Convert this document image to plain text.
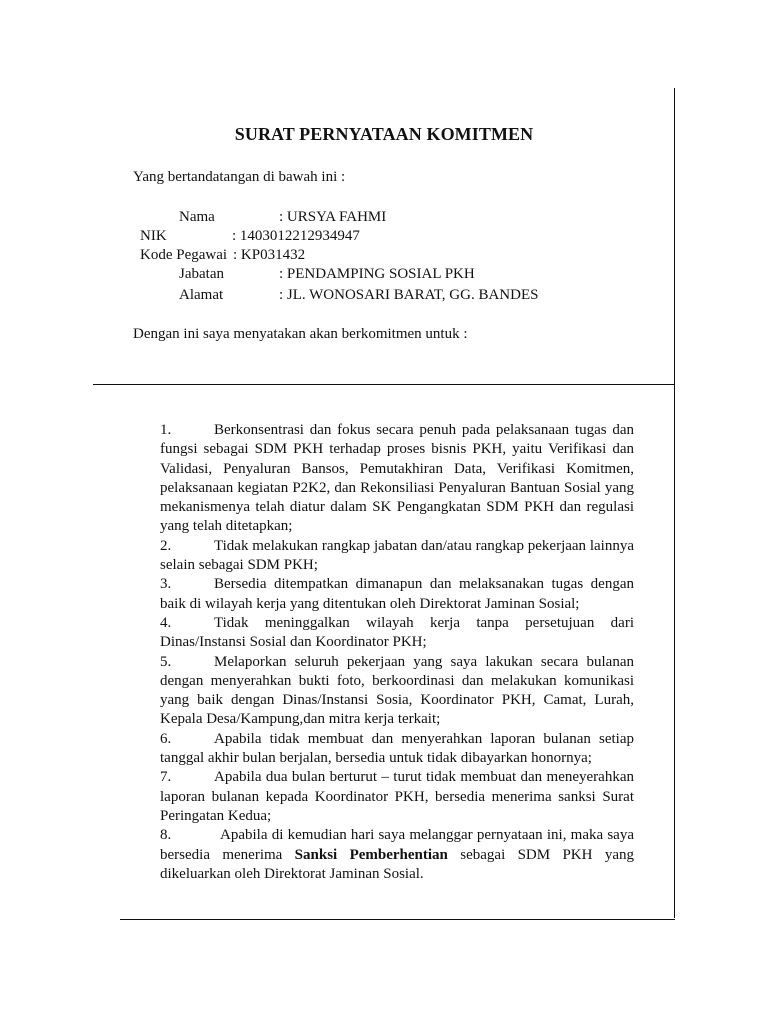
SURAT PERNYATAAN KOMITMEN
Yang bertandatangan di bawah ini :
Nama	: URSYA FAHMI
NIK	: 1403012212934947
Kode Pegawai : KP031432
Jabatan	: PENDAMPING SOSIAL PKH
Alamat	: JL. WONOSARI BARAT, GG. BANDES
Dengan ini saya menyatakan akan berkomitmen untuk :

1.	Berkonsentrasi dan fokus secara penuh pada pelaksanaan tugas dan fungsi sebagai SDM PKH terhadap proses bisnis PKH, yaitu Verifikasi dan Validasi, Penyaluran Bansos, Pemutakhiran Data, Verifikasi Komitmen, pelaksanaan kegiatan P2K2, dan Rekonsiliasi Penyaluran Bantuan Sosial yang mekanismenya telah diatur dalam SK Pengangkatan SDM PKH dan regulasi yang telah ditetapkan;

2.	Tidak melakukan rangkap jabatan dan/atau rangkap pekerjaan lainnya selain sebagai SDM PKH;

3.	Bersedia ditempatkan dimanapun dan melaksanakan tugas dengan baik di wilayah kerja yang ditentukan oleh Direktorat Jaminan Sosial;

4.	Tidak meninggalkan wilayah kerja tanpa persetujuan dari Dinas/Instansi Sosial dan Koordinator PKH;

5.	Melaporkan seluruh pekerjaan yang saya lakukan secara bulanan dengan menyerahkan bukti foto, berkoordinasi dan melakukan komunikasi yang baik dengan Dinas/Instansi Sosia, Koordinator PKH, Camat, Lurah, Kepala Desa/Kampung,dan mitra kerja terkait;

6.	Apabila tidak membuat dan menyerahkan laporan bulanan setiap tanggal akhir bulan berjalan, bersedia untuk tidak dibayarkan honornya;

7.	Apabila dua bulan berturut – turut tidak membuat dan meneyerahkan laporan bulanan kepada Koordinator PKH, bersedia menerima sanksi Surat Peringatan Kedua;

8.	Apabila di kemudian hari saya melanggar pernyataan ini, maka saya bersedia menerima Sanksi Pemberhentian sebagai SDM PKH yang dikeluarkan oleh Direktorat Jaminan Sosial.
